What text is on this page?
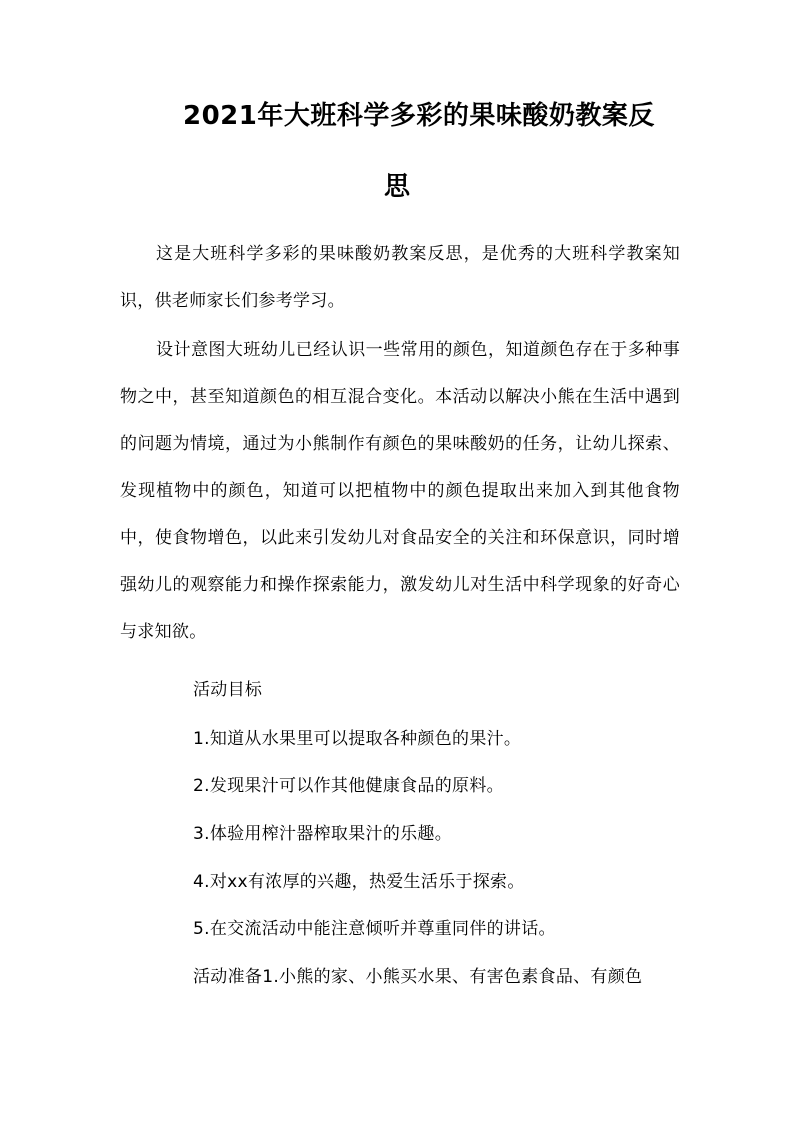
2021年大班科学多彩的果味酸奶教案反
思
这是大班科学多彩的果味酸奶教案反思，是优秀的大班科学教案知识，供老师家长们参考学习。
设计意图大班幼儿已经认识一些常用的颜色，知道颜色存在于多种事物之中，甚至知道颜色的相互混合变化。本活动以解决小熊在生活中遇到的问题为情境，通过为小熊制作有颜色的果味酸奶的任务，让幼儿探索、发现植物中的颜色，知道可以把植物中的颜色提取出来加入到其他食物中，使食物增色，以此来引发幼儿对食品安全的关注和环保意识，同时增强幼儿的观察能力和操作探索能力，激发幼儿对生活中科学现象的好奇心与求知欲。
活动目标
1.知道从水果里可以提取各种颜色的果汁。
2.发现果汁可以作其他健康食品的原料。
3.体验用榨汁器榨取果汁的乐趣。
4.对xx有浓厚的兴趣，热爱生活乐于探索。
5.在交流活动中能注意倾听并尊重同伴的讲话。
活动准备1.小熊的家、小熊买水果、有害色素食品、有颜色
